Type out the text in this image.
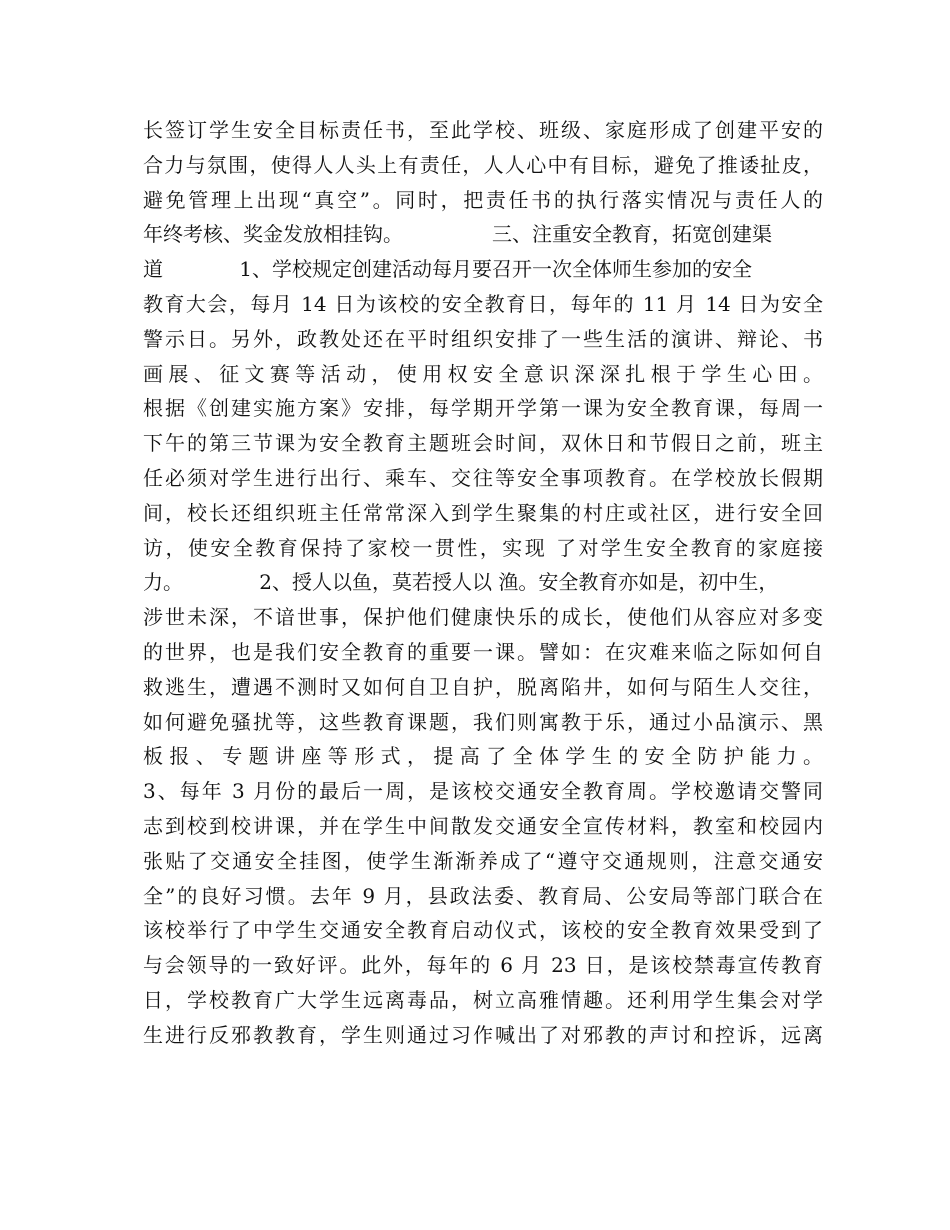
长签订学生安全目标责任书，至此学校、班级、家庭形成了创建平安的
合力与氛围，使得人人头上有责任，人人心中有目标，避免了推诿扯皮，
避免管理上出现“真空”。同时，把责任书的执行落实情况与责任人的
年终考核、奖金发放相挂钩。              三、注重安全教育，拓宽创建渠
道            1、学校规定创建活动每月要召开一次全体师生参加的安全
教育大会，每月 14 日为该校的安全教育日，每年的 11 月 14 日为安全
警示日。另外，政教处还在平时组织安排了一些生活的演讲、辩论、书
画展、征文赛等活动，使用权安全意识深深扎根于学生心田。
根据《创建实施方案》安排，每学期开学第一课为安全教育课，每周一
下午的第三节课为安全教育主题班会时间，双休日和节假日之前，班主
任必须对学生进行出行、乘车、交往等安全事项教育。在学校放长假期
间，校长还组织班主任常常深入到学生聚集的村庄或社区，进行安全回
访，使安全教育保持了家校一贯性，实现 了对学生安全教育的家庭接
力。            2、授人以鱼，莫若授人以 渔。安全教育亦如是，初中生，
涉世未深，不谙世事，保护他们健康快乐的成长，使他们从容应对多变
的世界，也是我们安全教育的重要一课。譬如：在灾难来临之际如何自
救逃生，遭遇不测时又如何自卫自护，脱离陷井，如何与陌生人交往，
如何避免骚扰等，这些教育课题，我们则寓教于乐，通过小品演示、黑
板报、专题讲座等形式，提高了全体学生的安全防护能力。
3、每年 3 月份的最后一周，是该校交通安全教育周。学校邀请交警同
志到校到校讲课，并在学生中间散发交通安全宣传材料，教室和校园内
张贴了交通安全挂图，使学生渐渐养成了“遵守交通规则，注意交通安
全”的良好习惯。去年 9 月，县政法委、教育局、公安局等部门联合在
该校举行了中学生交通安全教育启动仪式，该校的安全教育效果受到了
与会领导的一致好评。此外，每年的 6 月 23 日，是该校禁毒宣传教育
日，学校教育广大学生远离毒品，树立高雅情趣。还利用学生集会对学
生进行反邪教教育，学生则通过习作喊出了对邪教的声讨和控诉，远离
